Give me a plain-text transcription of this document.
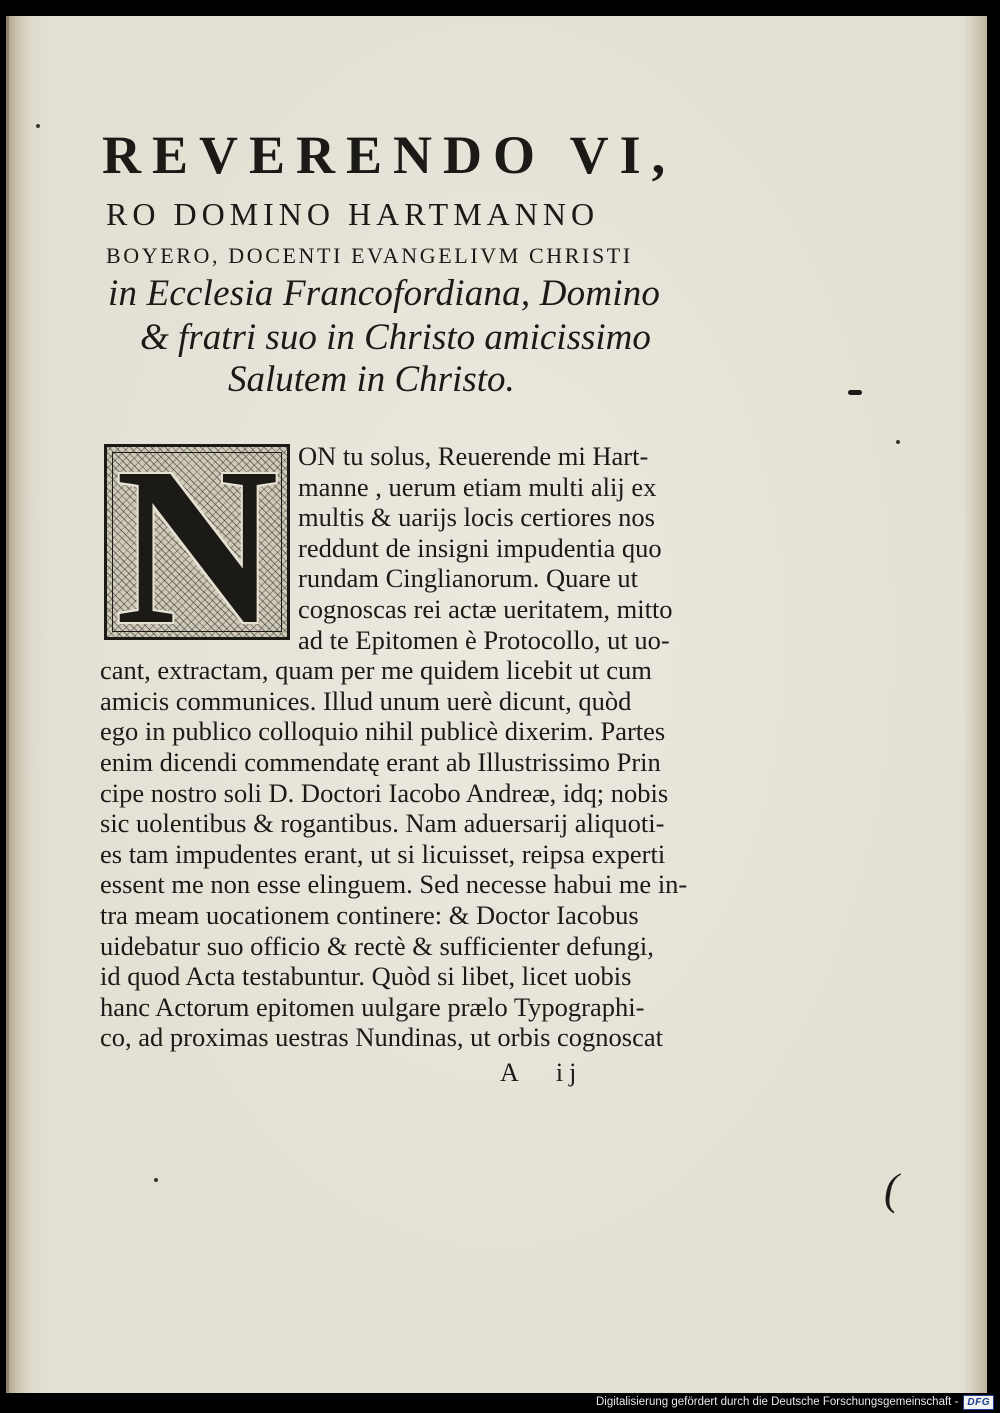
REVERENDO VI,
RO DOMINO HARTMANNO
BOYERO, DOCENTI EVANGELIVM CHRISTI
in Ecclesia Francofordiana, Domino
& fratri suo in Christo amicissimo
Salutem in Christo.
N ON tu solus, Reuerende mi Hart-
manne , uerum etiam multi alij ex
multis & uarijs locis certiores nos
reddunt de insigni impudentia quo
rundam Cinglianorum. Quare ut
cognoscas rei actæ ueritatem, mitto
ad te Epitomen è Protocollo, ut uo-
cant, extractam, quam per me quidem licebit ut cum
amicis communices. Illud unum uerè dicunt, quòd
ego in publico colloquio nihil publicè dixerim. Partes
enim dicendi commendatę erant ab Illustrissimo Prin
cipe nostro soli D. Doctori Iacobo Andreæ, idq; nobis
sic uolentibus & rogantibus. Nam aduersarij aliquoti-
es tam impudentes erant, ut si licuisset, reipsa experti
essent me non esse elinguem. Sed necesse habui me in-
tra meam uocationem continere: & Doctor Iacobus
uidebatur suo officio & rectè & sufficienter defungi,
id quod Acta testabuntur. Quòd si libet, licet uobis
hanc Actorum epitomen uulgare prælo Typographi-
co, ad proximas uestras Nundinas, ut orbis cognoscat
A ij
(
Digitalisierung gefördert durch die Deutsche Forschungsgemeinschaft - DFG
